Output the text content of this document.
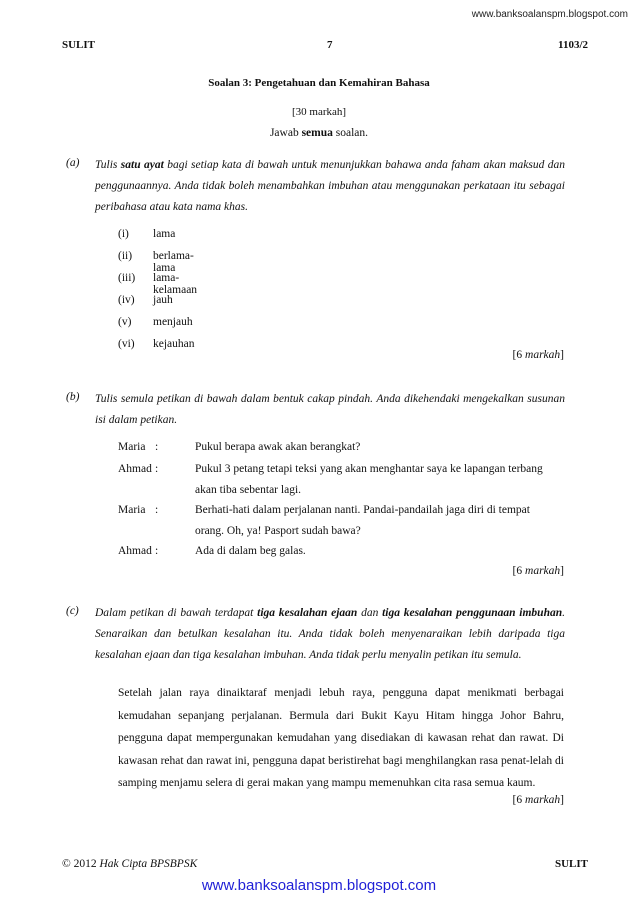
www.banksoalanspm.blogspot.com
SULIT	7	1103/2
Soalan 3: Pengetahuan dan Kemahiran Bahasa
[30 markah]
Jawab semua soalan.
(a) Tulis satu ayat bagi setiap kata di bawah untuk menunjukkan bahawa anda faham akan maksud dan penggunaannya. Anda tidak boleh menambahkan imbuhan atau menggunakan perkataan itu sebagai peribahasa atau kata nama khas.
(i) lama
(ii) berlama-lama
(iii) lama-kelamaan
(iv) jauh
(v) menjauh
(vi) kejauhan
[6 markah]
(b) Tulis semula petikan di bawah dalam bentuk cakap pindah. Anda dikehendaki mengekalkan susunan isi dalam petikan.
Maria :	Pukul berapa awak akan berangkat?
Ahmad :	Pukul 3 petang tetapi teksi yang akan menghantar saya ke lapangan terbang
akan tiba sebentar lagi.
Maria :	Berhati-hati dalam perjalanan nanti. Pandai-pandailah jaga diri di tempat
orang. Oh, ya! Pasport sudah bawa?
Ahmad :	Ada di dalam beg galas.
[6 markah]
(c) Dalam petikan di bawah terdapat tiga kesalahan ejaan dan tiga kesalahan penggunaan imbuhan. Senaraikan dan betulkan kesalahan itu. Anda tidak boleh menyenaraikan lebih daripada tiga kesalahan ejaan dan tiga kesalahan imbuhan. Anda tidak perlu menyalin petikan itu semula.
Setelah jalan raya dinaiktaraf menjadi lebuh raya, pengguna dapat menikmati berbagai kemudahan sepanjang perjalanan. Bermula dari Bukit Kayu Hitam hingga Johor Bahru, pengguna dapat mempergunakan kemudahan yang disediakan di kawasan rehat dan rawat. Di kawasan rehat dan rawat ini, pengguna dapat beristirehat bagi menghilangkan rasa penat-lelah di samping menjamu selera di gerai makan yang mampu memenuhkan cita rasa semua kaum.
[6 markah]
© 2012 Hak Cipta BPSBPSK	SULIT
www.banksoalanspm.blogspot.com
